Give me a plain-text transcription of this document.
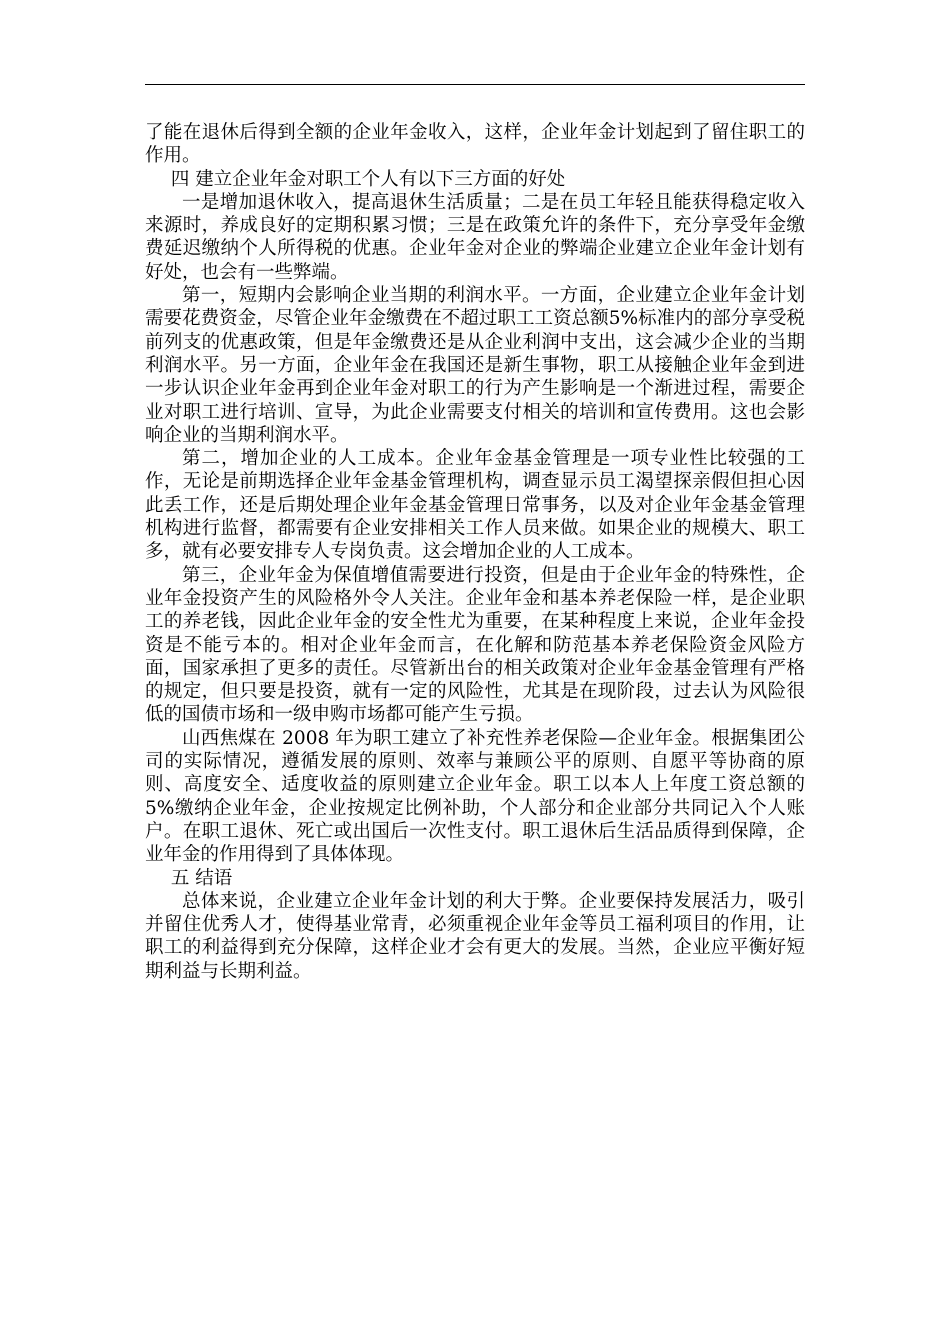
了能在退休后得到全额的企业年金收入，这样，企业年金计划起到了留住职工的作用。

四 建立企业年金对职工个人有以下三方面的好处

一是增加退休收入，提高退休生活质量；二是在员工年轻且能获得稳定收入来源时，养成良好的定期积累习惯；三是在政策允许的条件下，充分享受年金缴费延迟缴纳个人所得税的优惠。企业年金对企业的弊端企业建立企业年金计划有好处，也会有一些弊端。

第一，短期内会影响企业当期的利润水平。一方面，企业建立企业年金计划需要花费资金，尽管企业年金缴费在不超过职工工资总额5%标准内的部分享受税前列支的优惠政策，但是年金缴费还是从企业利润中支出，这会减少企业的当期利润水平。另一方面，企业年金在我国还是新生事物，职工从接触企业年金到进一步认识企业年金再到企业年金对职工的行为产生影响是一个渐进过程，需要企业对职工进行培训、宣导，为此企业需要支付相关的培训和宣传费用。这也会影响企业的当期利润水平。

第二，增加企业的人工成本。企业年金基金管理是一项专业性比较强的工作，无论是前期选择企业年金基金管理机构，调查显示员工渴望探亲假但担心因此丢工作，还是后期处理企业年金基金管理日常事务，以及对企业年金基金管理机构进行监督，都需要有企业安排相关工作人员来做。如果企业的规模大、职工多，就有必要安排专人专岗负责。这会增加企业的人工成本。

第三，企业年金为保值增值需要进行投资，但是由于企业年金的特殊性，企业年金投资产生的风险格外令人关注。企业年金和基本养老保险一样，是企业职工的养老钱，因此企业年金的安全性尤为重要，在某种程度上来说，企业年金投资是不能亏本的。相对企业年金而言，在化解和防范基本养老保险资金风险方面，国家承担了更多的责任。尽管新出台的相关政策对企业年金基金管理有严格的规定，但只要是投资，就有一定的风险性，尤其是在现阶段，过去认为风险很低的国债市场和一级申购市场都可能产生亏损。

山西焦煤在 2008 年为职工建立了补充性养老保险—企业年金。根据集团公司的实际情况，遵循发展的原则、效率与兼顾公平的原则、自愿平等协商的原则、高度安全、适度收益的原则建立企业年金。职工以本人上年度工资总额的 5%缴纳企业年金，企业按规定比例补助，个人部分和企业部分共同记入个人账户。在职工退休、死亡或出国后一次性支付。职工退休后生活品质得到保障，企业年金的作用得到了具体体现。

五 结语

总体来说，企业建立企业年金计划的利大于弊。企业要保持发展活力，吸引并留住优秀人才，使得基业常青，必须重视企业年金等员工福利项目的作用，让职工的利益得到充分保障，这样企业才会有更大的发展。当然，企业应平衡好短期利益与长期利益。
